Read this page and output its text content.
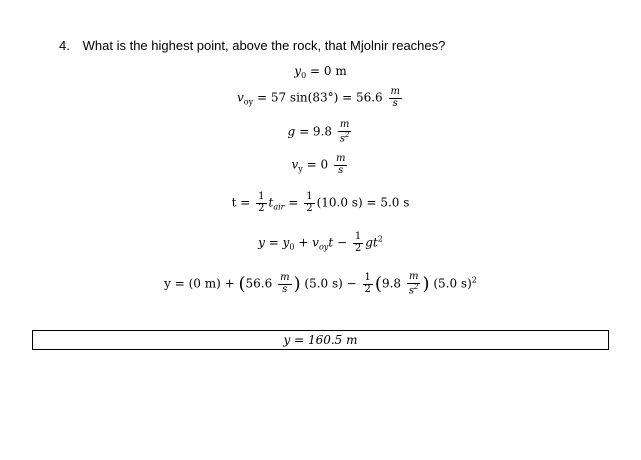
4. What is the highest point, above the rock, that Mjolnir reaches?
$y_0 = 0$ m
$v_{oy} = 57$ $\sin(83^\circ) = 56.6 \frac{m}{s}$
$g = 9.8 \frac{m}{s^2}$
$v_y = 0 \frac{m}{s}$
$t = \frac{1}{2} t_{air} = \frac{1}{2} (10.0$ s) = 5.0 s
$y = y_0 + v_{oy}t - \frac{1}{2} gt^2$
y = (0 $m) + (56.6 \frac{m}{s}$ ) (5.0 $s) - \frac{1}{2} (9.8 \frac{m}{s^2}$ ) (5.0 s)$^2$
y = 160.5 m
